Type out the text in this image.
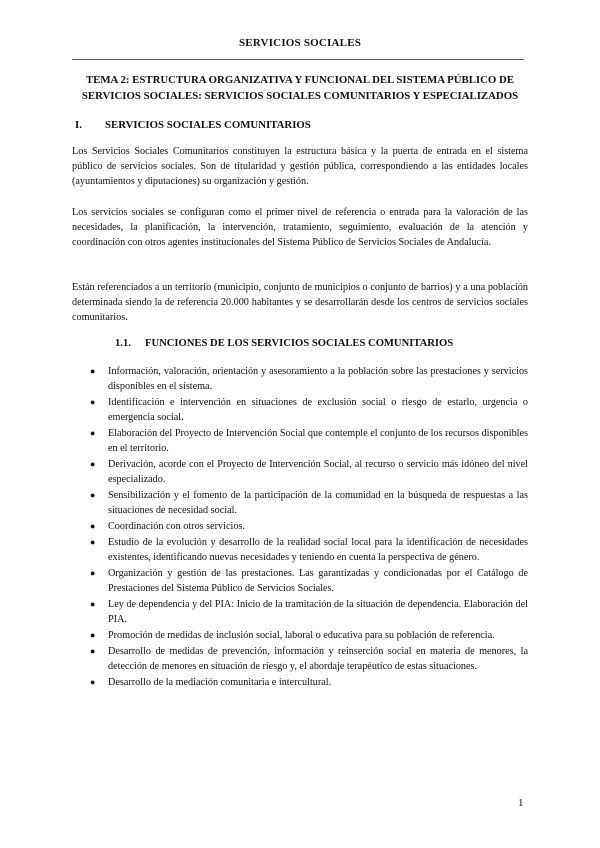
SERVICIOS SOCIALES
TEMA 2: ESTRUCTURA ORGANIZATIVA Y FUNCIONAL DEL SISTEMA PÚBLICO DE
SERVICIOS SOCIALES: SERVICIOS SOCIALES COMUNITARIOS Y ESPECIALIZADOS
I. SERVICIOS SOCIALES COMUNITARIOS

Los Servicios Sociales Comunitarios constituyen la estructura básica y la puerta de entrada en el sistema público de servicios sociales. Son de titularidad y gestión pública, correspondiendo a las entidades locales (ayuntamientos y diputaciones) su organización y gestión.

Los servicios sociales se configuran como el primer nivel de referencia o entrada para la valoración de las necesidades, la planificación, la intervención, tratamiento, seguimiento, evaluación de la atención y coordinación con otros agentes institucionales del Sistema Público de Servicios Sociales de Andalucía.

Están referenciados a un territorio (municipio, conjunto de municipios o conjunto de barrios) y a una población determinada siendo la de referencia 20.000 habitantes y se desarrollarán desde los centros de servicios sociales comunitarios.

1.1. FUNCIONES DE LOS SERVICIOS SOCIALES COMUNITARIOS
● Información, valoración, orientación y asesoramiento a la población sobre las prestaciones y servicios disponibles en el sistema.
● Identificación e intervención en situaciones de exclusión social o riesgo de estarlo, urgencia o emergencia social.
● Elaboración del Proyecto de Intervención Social que contemple el conjunto de los recursos disponibles en el territorio.
● Derivación, acorde con el Proyecto de Intervención Social, al recurso o servicio más idóneo del nivel especializado.
● Sensibilización y el fomento de la participación de la comunidad en la búsqueda de respuestas a las situaciones de necesidad social.
● Coordinación con otros servicios.
● Estudio de la evolución y desarrollo de la realidad social local para la identificación de necesidades existentes, identificando nuevas necesidades y teniendo en cuenta la perspectiva de género.
● Organización y gestión de las prestaciones. Las garantizadas y condicionadas por el Catálogo de Prestaciones del Sistema Público de Servicios Sociales.
● Ley de dependencia y del PIA: Inicio de la tramitación de la situación de dependencia. Elaboración del PIA.
● Promoción de medidas de inclusión social, laboral o educativa para su población de referencia.
● Desarrollo de medidas de prevención, información y reinserción social en materia de menores, la detección de menores en situación de riesgo y, el abordaje terapéutico de estas situaciones.
● Desarrollo de la mediación comunitaria e intercultural.
1
